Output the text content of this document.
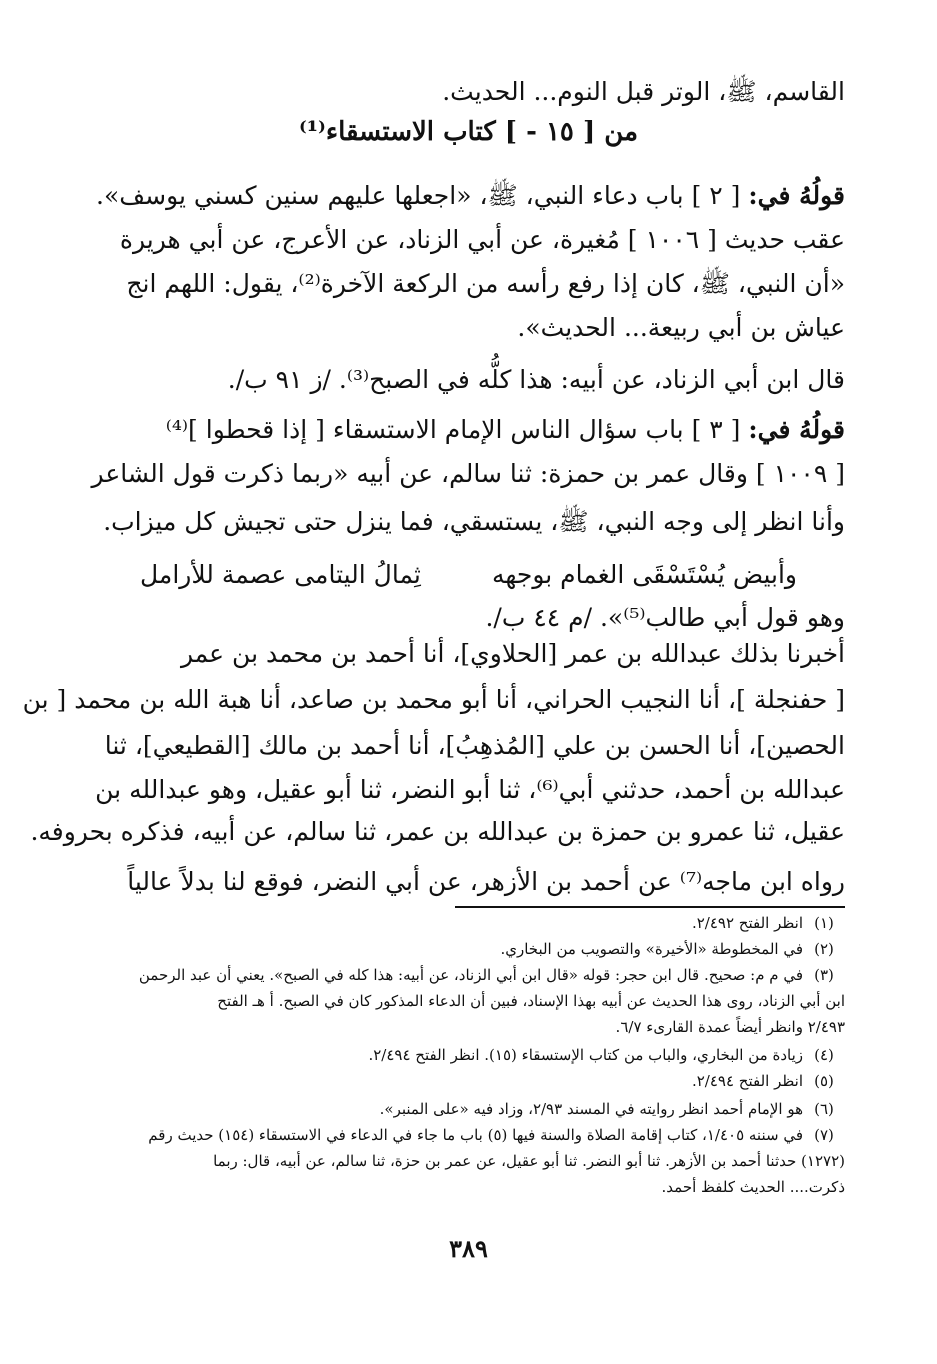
القاسم، ﷺ، الوتر قبل النوم... الحديث.
من [ ١٥ - ] كتاب الاستسقاء⁽¹⁾
قولُهُ في: [ ٢ ] باب دعاء النبي، ﷺ، «اجعلها عليهم سنين كسني يوسف».
عقب حديث [ ١٠٠٦ ] مُغيرة، عن أبي الزناد، عن الأعرج، عن أبي هريرة
«أن النبي، ﷺ، كان إذا رفع رأسه من الركعة الآخرة⁽²⁾، يقول: اللهم انج
عياش بن أبي ربيعة... الحديث».
قال ابن أبي الزناد، عن أبيه: هذا كلُّه في الصبح⁽³⁾. /ز ٩١ ب/.
قولُهُ في: [ ٣ ] باب سؤال الناس الإمام الاستسقاء [ إذا قحطوا ]⁽⁴⁾
[ ١٠٠٩ ] وقال عمر بن حمزة: ثنا سالم، عن أبيه «ربما ذكرت قول الشاعر
وأنا انظر إلى وجه النبي، ﷺ، يستسقي، فما ينزل حتى تجيش كل ميزاب.
وأبيض يُسْتَسْقَى الغمام بوجهه
ثِمالُ اليتامى عصمة للأرامل
وهو قول أبي طالب⁽⁵⁾». /م ٤٤ ب/.
أخبرنا بذلك عبدالله بن عمر [الحلاوي]، أنا أحمد بن محمد بن عمر
[ حفنجلة ]، أنا النجيب الحراني، أنا أبو محمد بن صاعد، أنا هبة الله بن محمد [ بن
الحصين]، أنا الحسن بن علي [المُذهِبُ]، أنا أحمد بن مالك [القطيعي]، ثنا
عبدالله بن أحمد، حدثني أبي⁽⁶⁾، ثنا أبو النضر، ثنا أبو عقيل، وهو عبدالله بن
عقيل، ثنا عمرو بن حمزة بن عبدالله بن عمر، ثنا سالم، عن أبيه، فذكره بحروفه.
رواه ابن ماجه⁽⁷⁾ عن أحمد بن الأزهر، عن أبي النضر، فوقع لنا بدلاً عالياً
(١)
انظر الفتح ٢/٤٩٢.
(٢)
في المخطوطة «الأخيرة» والتصويب من البخاري.
(٣)
في م م: صحيح. قال ابن حجر: قوله «قال ابن أبي الزناد، عن أبيه: هذا كله في الصبح». يعني أن عبد الرحمن
ابن أبي الزناد، روى هذا الحديث عن أبيه بهذا الإسناد، فبين أن الدعاء المذكور كان في الصبح. أ هـ الفتح
٢/٤٩٣ وانظر أيضاً عمدة القارىء ٦/٧.
(٤)
زيادة من البخاري، والباب من كتاب الإستسقاء (١٥). انظر الفتح ٢/٤٩٤.
(٥)
انظر الفتح ٢/٤٩٤.
(٦)
هو الإمام أحمد انظر روايته في المسند ٢/٩٣، وزاد فيه «على المنبر».
(٧)
في سننه ١/٤٠٥، كتاب إقامة الصلاة والسنة فيها (٥) باب ما جاء في الدعاء في الاستسقاء (١٥٤) حديث رقم
(١٢٧٢) حدثنا أحمد بن الأزهر. ثنا أبو النضر. ثنا أبو عقيل، عن عمر بن حزة، ثنا سالم، عن أبيه، قال: ربما
ذكرت.... الحديث كلفظ أحمد.
٣٨٩
